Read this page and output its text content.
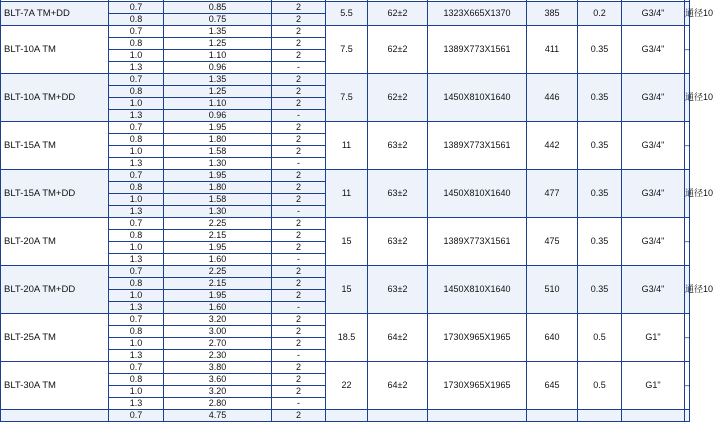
BLT-7A TM+DD	0.7	0.85	2	5.5	62±2	1323X665X1370	385	0.2	G3/4"	通径10
	0.8	0.75	2							
BLT-10A TM	0.7	1.35	2	7.5	62±2	1389X773X1561	411	0.35	G3/4"	–
	0.8	1.25	2							
	1.0	1.10	2							
	1.3	0.96	-							
BLT-10A TM+DD	0.7	1.35	2	7.5	62±2	1450X810X1640	446	0.35	G3/4"	通径10
	0.8	1.25	2							
	1.0	1.10	2							
	1.3	0.96	-							
BLT-15A TM	0.7	1.95	2	11	63±2	1389X773X1561	442	0.35	G3/4"	–
	0.8	1.80	2							
	1.0	1.58	2							
	1.3	1.30	-							
BLT-15A TM+DD	0.7	1.95	2	11	63±2	1450X810X1640	477	0.35	G3/4"	通径10
	0.8	1.80	2							
	1.0	1.58	2							
	1.3	1.30	-							
BLT-20A TM	0.7	2.25	2	15	63±2	1389X773X1561	475	0.35	G3/4"	–
	0.8	2.15	2							
	1.0	1.95	2							
	1.3	1.60	-							
BLT-20A TM+DD	0.7	2.25	2	15	63±2	1450X810X1640	510	0.35	G3/4"	通径10
	0.8	2.15	2							
	1.0	1.95	2							
	1.3	1.60	-							
BLT-25A TM	0.7	3.20	2	18.5	64±2	1730X965X1965	640	0.5	G1"	–
	0.8	3.00	2							
	1.0	2.70	2							
	1.3	2.30	-							
BLT-30A TM	0.7	3.80	2	22	64±2	1730X965X1965	645	0.5	G1"	–
	0.8	3.60	2							
	1.0	3.20	2							
	1.3	2.80	-							
	0.7	4.75	2							
